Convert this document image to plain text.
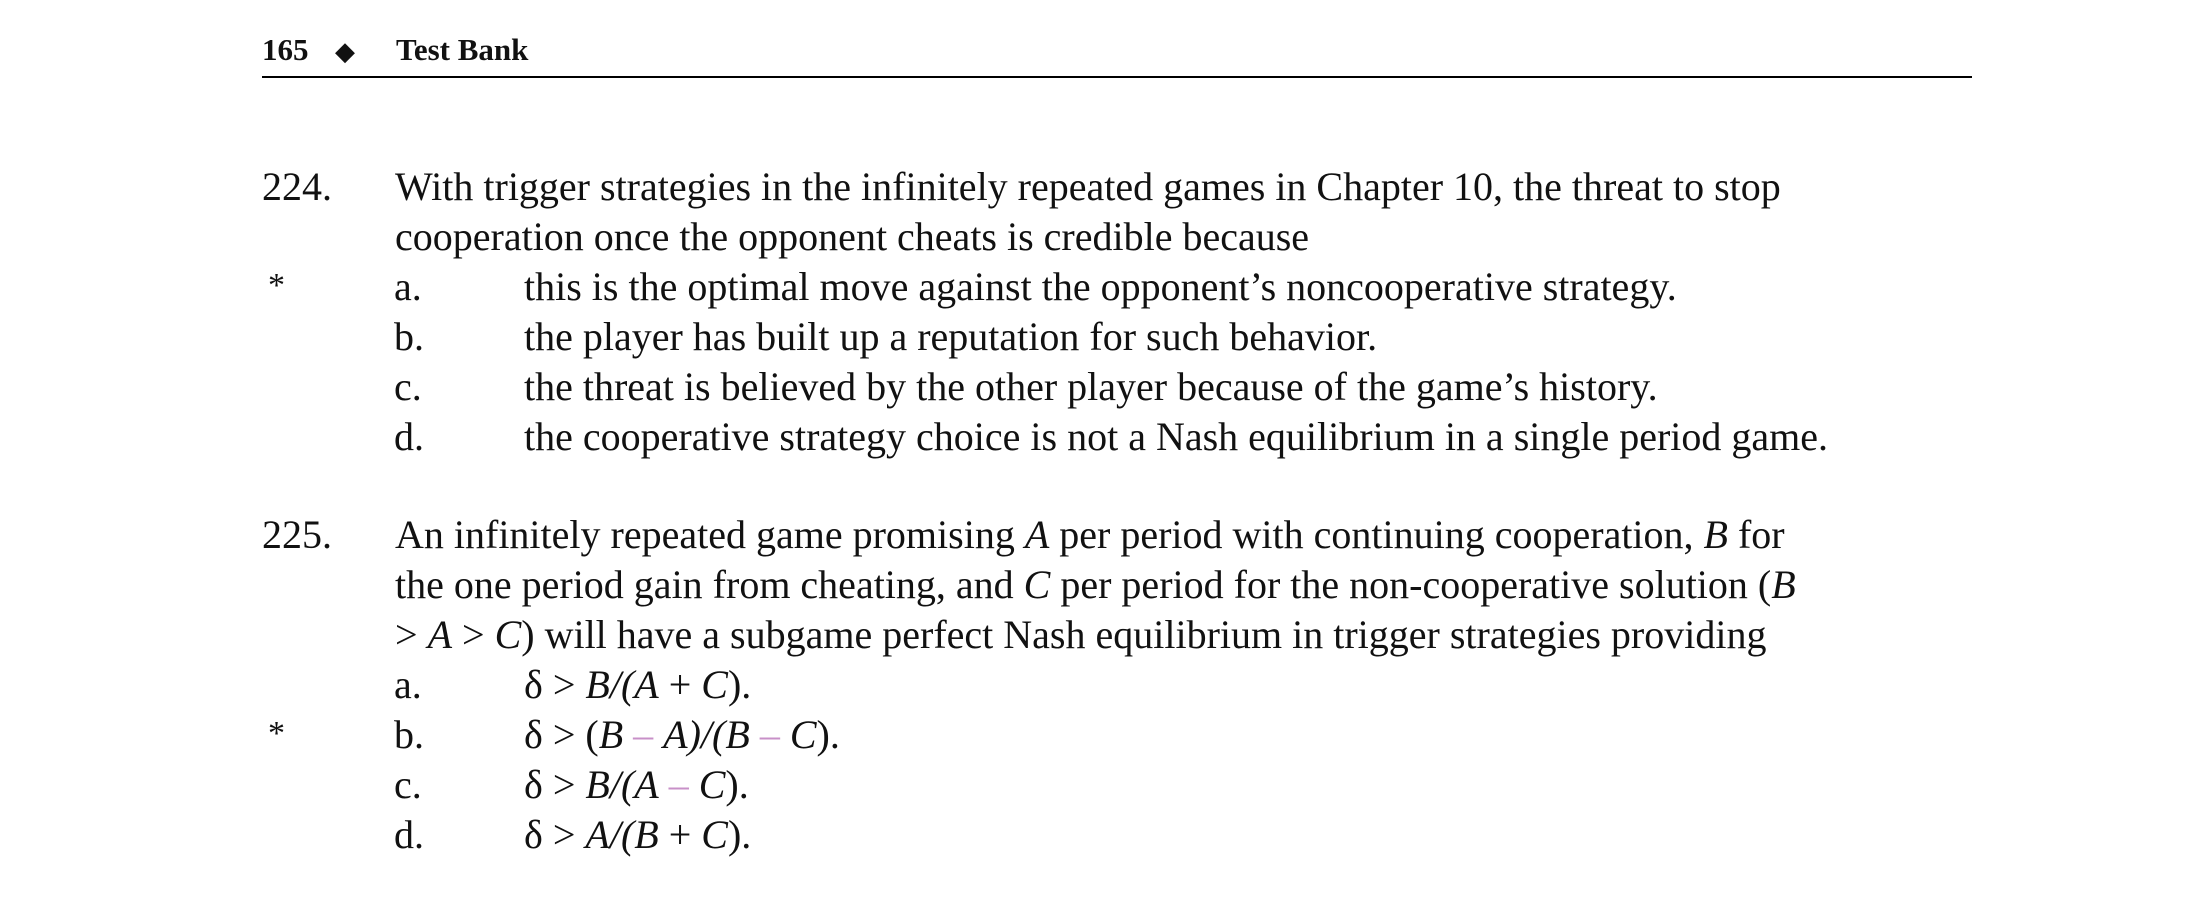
165 ◆ Test Bank
224. With trigger strategies in the infinitely repeated games in Chapter 10, the threat to stop
cooperation once the opponent cheats is credible because
*	a.	this is the optimal move against the opponent’s noncooperative strategy.
b.	the player has built up a reputation for such behavior.
c.	the threat is believed by the other player because of the game’s history.
d.	the cooperative strategy choice is not a Nash equilibrium in a single period game.
225. An infinitely repeated game promising A per period with continuing cooperation, B for
the one period gain from cheating, and C per period for the non-cooperative solution (B
> A > C) will have a subgame perfect Nash equilibrium in trigger strategies providing
a.	δ > B/(A + C).
*	b.	δ > (B – A)/(B – C).
c.	δ > B/(A – C).
d.	δ > A/(B + C).
